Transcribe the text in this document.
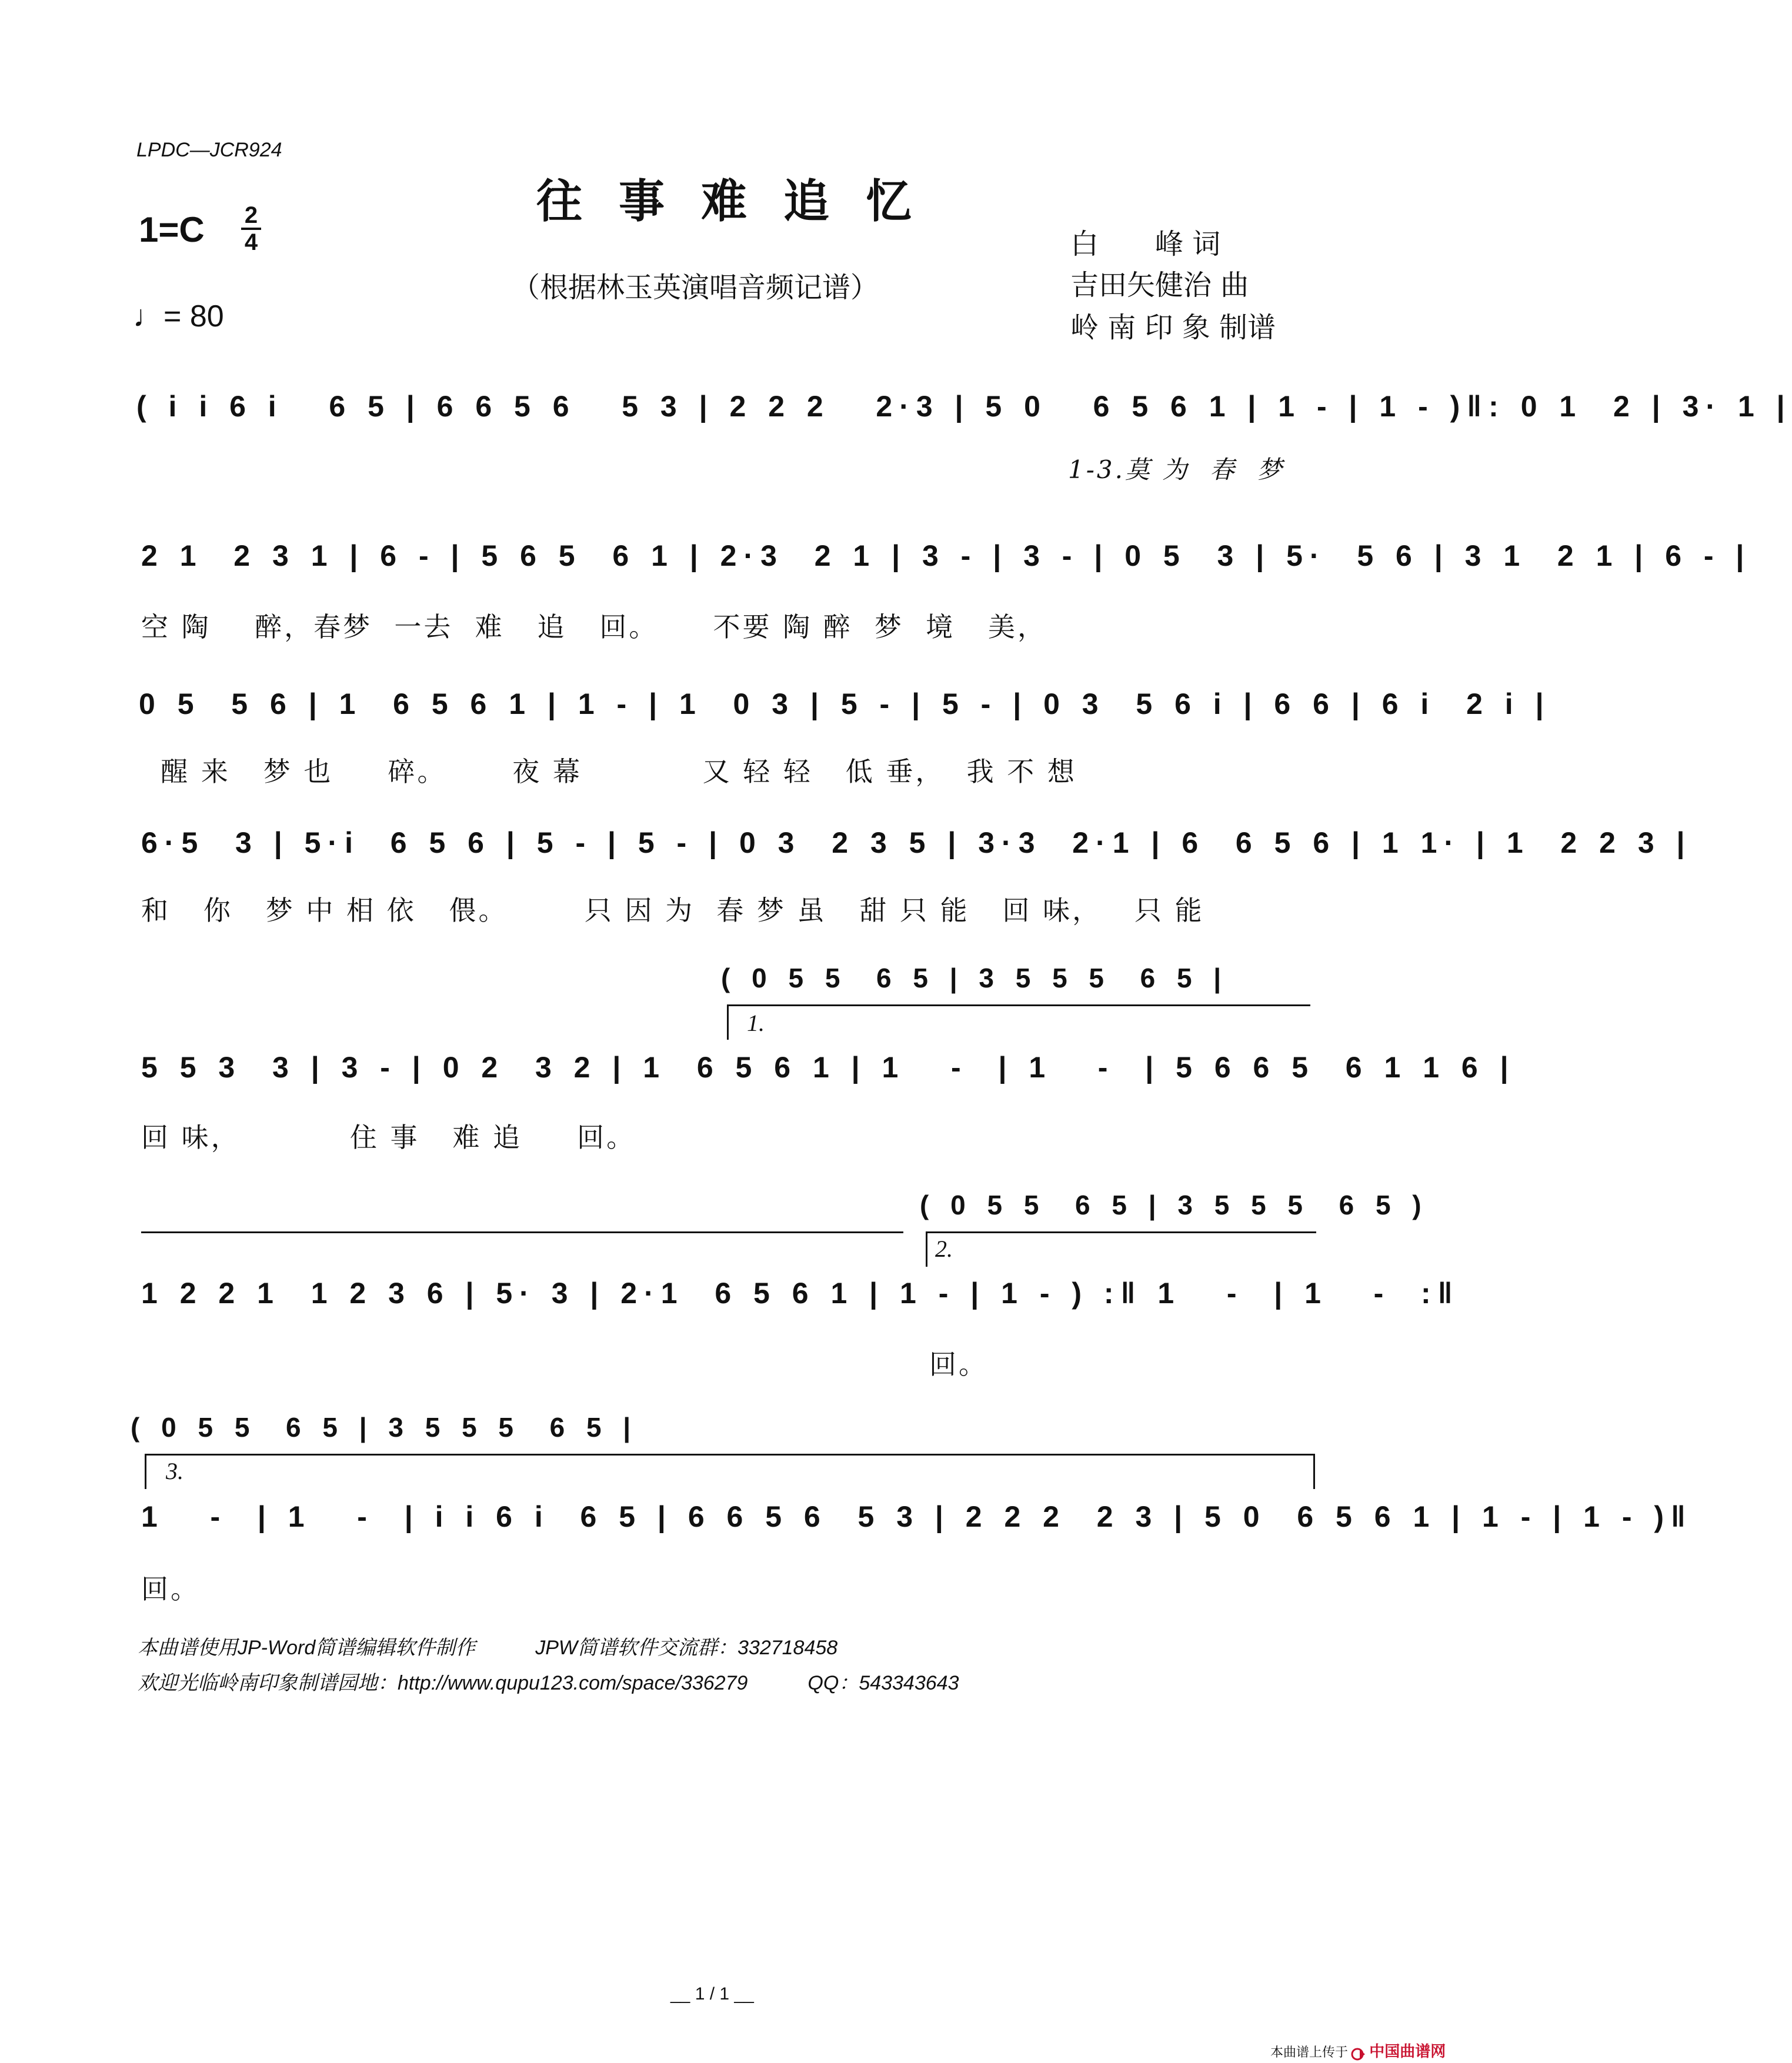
LPDC—JCR924
往事难追忆
（根据林玉英演唱音频记谱）
1=C 2
4
♩= 80
白　　峰 词
吉田矢健治 曲
岭 南 印 象 制谱
( i i 6 i   6 5 | 6 6 5 6   5 3 | 2 2 2   2·3 | 5 0   6 5 6 1 | 1 - | 1 - )‖: 0 1  2 | 3· 1 |
1-3.莫 为  春  梦
2 1  2 3 1 | 6 - | 5 6 5  6 1 | 2·3  2 1 | 3 - | 3 - | 0 5  3 | 5·  5 6 | 3 1  2 1 | 6 - |
空 陶    醉，春梦  一去  难   追   回。     不要 陶 醉  梦  境   美，
0 5  5 6 | 1  6 5 6 1 | 1 - | 1  0 3 | 5 - | 5 - | 0 3  5 6 i | 6 6 | 6 i  2 i |
醒 来   梦 也     碎。      夜 幕           又 轻 轻   低 垂，  我 不 想
6·5  3 | 5·i  6 5 6 | 5 - | 5 - | 0 3  2 3 5 | 3·3  2·1 | 6  6 5 6 | 1 1· | 1  2 2 3 |
和   你   梦 中 相 依   偎。       只 因 为  春 梦 虽   甜 只 能   回 味，   只 能
( 0 5 5  6 5 | 3 5 5 5  6 5 |
1.
5 5 3  3 | 3 - | 0 2  3 2 | 1  6 5 6 1 | 1   -  | 1   -  | 5 6 6 5  6 1 1 6 |
回 味，          住 事   难 追     回。
( 0 5 5  6 5 | 3 5 5 5  6 5 )
2.
1 2 2 1  1 2 3 6 | 5· 3 | 2·1  6 5 6 1 | 1 - | 1 - ) :‖ 1   -  | 1   -  :‖
回。
( 0 5 5  6 5 | 3 5 5 5  6 5 |
3.
1   -  | 1   -  | i i 6 i  6 5 | 6 6 5 6  5 3 | 2 2 2  2 3 | 5 0  6 5 6 1 | 1 - | 1 - )‖
回。
本曲谱使用JP-Word简谱编辑软件制作　　　JPW简谱软件交流群：332718458
欢迎光临岭南印象制谱园地：http://www.qupu123.com/space/336279　　　QQ：543343643
__ 1 / 1 __
本曲谱上传于 中国曲谱网
